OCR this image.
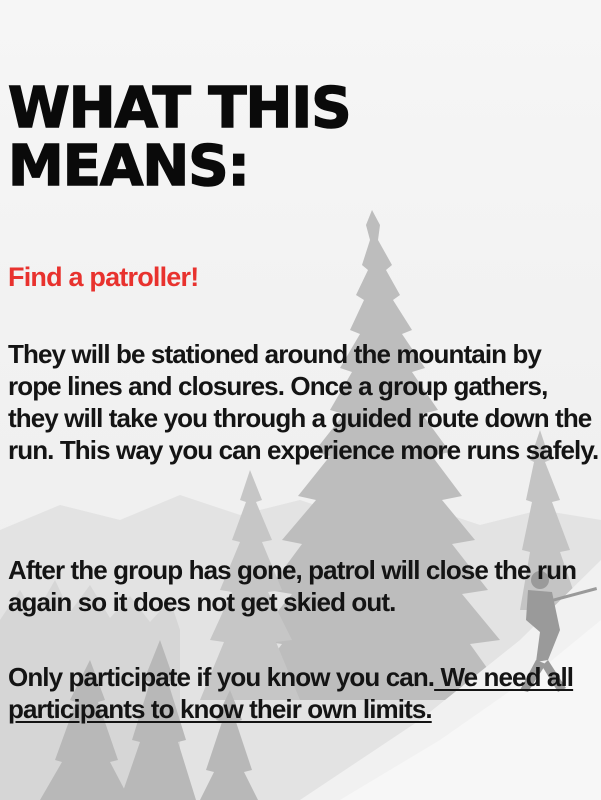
WHAT THIS
MEANS:

Find a patroller!

They will be stationed around the mountain by rope lines and closures. Once a group gathers, they will take you through a guided route down the run. This way you can experience more runs safely.

After the group has gone, patrol will close the run again so it does not get skied out.

Only participate if you know you can. We need all participants to know their own limits.
